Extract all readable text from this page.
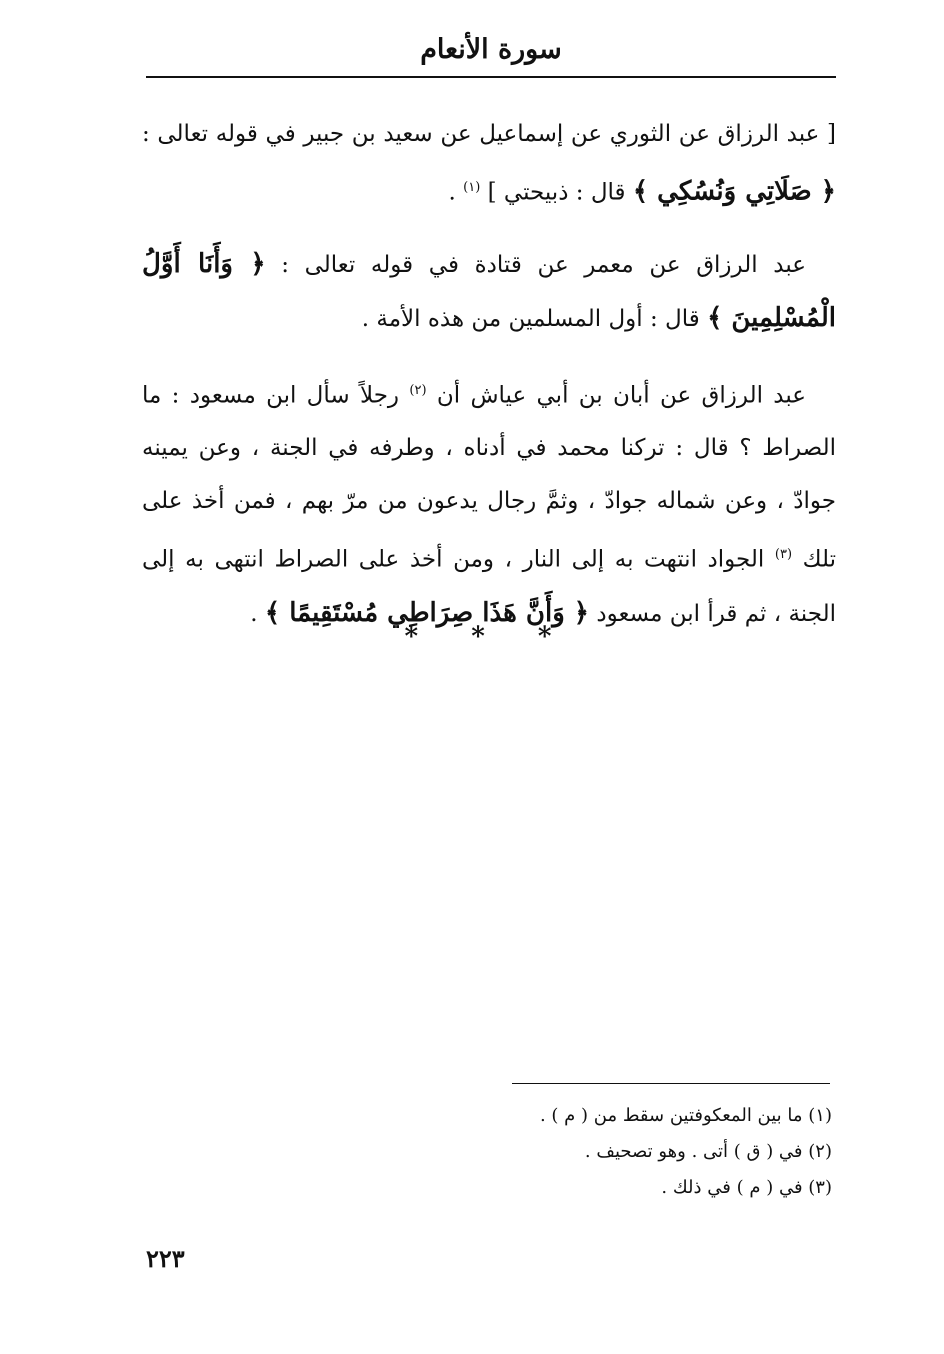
سورة الأنعام

[ عبد الرزاق عن الثوري عن إسماعيل عن سعيد بن جبير في قوله تعالى : ﴿ صَلَاتِي وَنُسُكِي ﴾ قال : ذبيحتي ] $^{(١)}$ .

عبد الرزاق عن معمر عن قتادة في قوله تعالى : ﴿ وَأَنَا أَوَّلُ الْمُسْلِمِينَ ﴾ قال : أول المسلمين من هذه الأمة .

عبد الرزاق عن أبان بن أبي عياش أن $^{(٢)}$ رجلاً سأل ابن مسعود : ما الصراط ؟ قال : تركنا محمد في أدناه ، وطرفه في الجنة ، وعن يمينه جوادّ ، وعن شماله جوادّ ، وثمَّ رجال يدعون من مرّ بهم ، فمن أخذ على تلك $^{(٣)}$ الجواد انتهت به إلى النار ، ومن أخذ على الصراط انتهى به إلى الجنة ، ثم قرأ ابن مسعود ﴿ وَأَنَّ هَذَا صِرَاطِي مُسْتَقِيمًا ﴾ .

* * *
(١) ما بين المعكوفتين سقط من ( م ) .
(٢) في ( ق ) أتى . وهو تصحيف .
(٣) في ( م ) في ذلك .
٢٢٣
